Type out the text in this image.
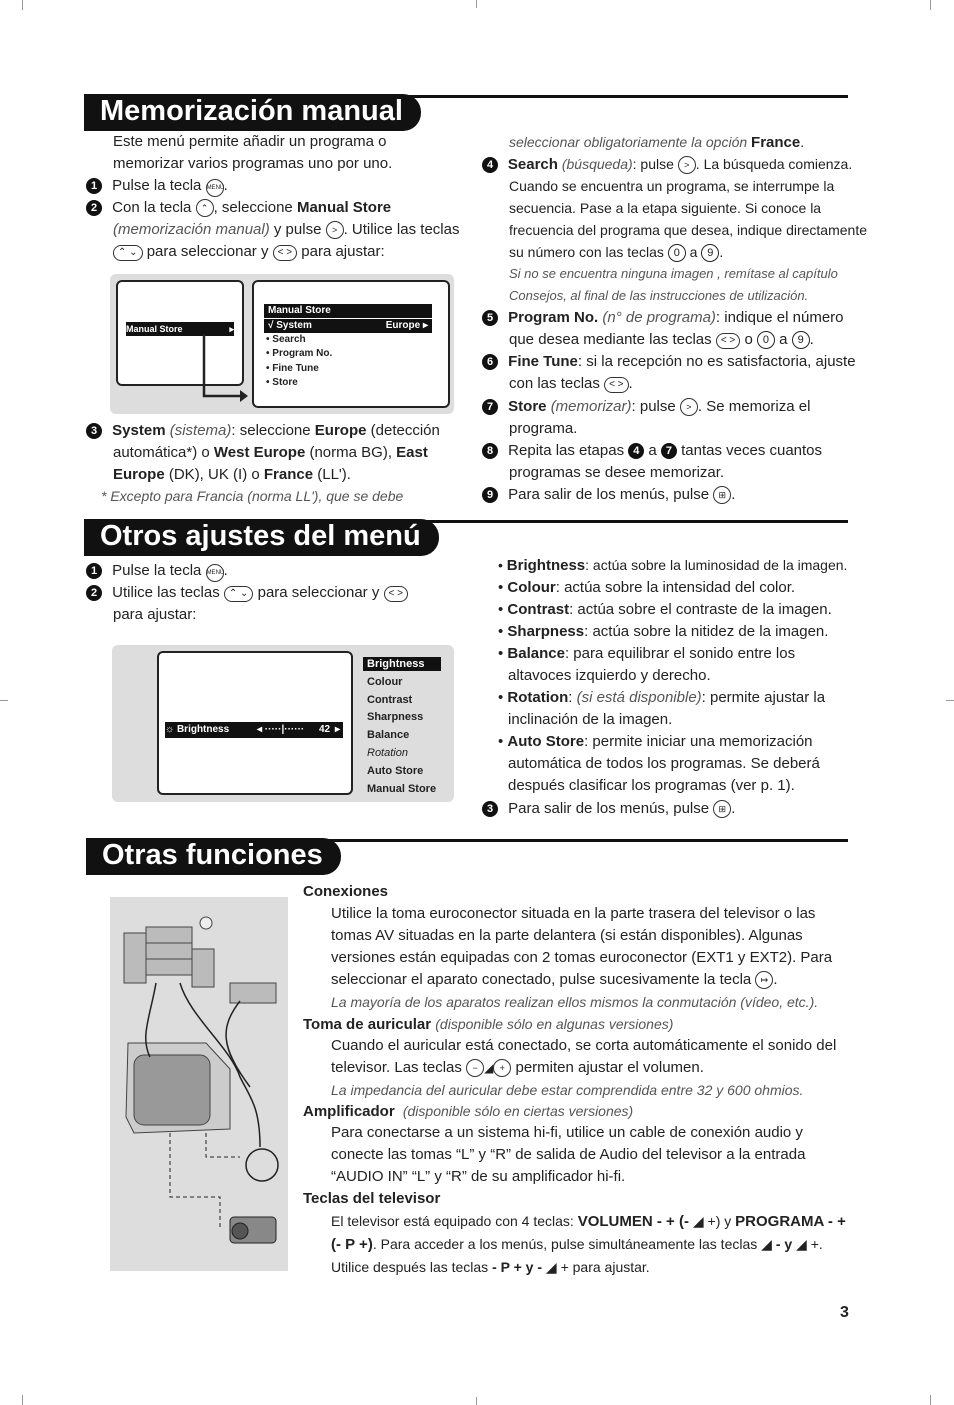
Memorización manual
Este menú permite añadir un programa o
memorizar varios programas uno por uno.
1 Pulse la tecla MENU.
2 Con la tecla ⌃ , seleccione Manual Store
(memorización manual) y pulse > . Utilice las teclas
⌃ ⌄ para seleccionar y < > para ajustar:
Manual Store	▸
Manual Store
√ System	Europe ▸
• Search
• Program No.
• Fine Tune
• Store
3 System (sistema): seleccione Europe (detección
automática*) o West Europe (norma BG), East
Europe (DK), UK (I) o France (LL').
* Excepto para Francia (norma LL'), que se debe
seleccionar obligatoriamente la opción France.
4 Search (búsqueda): pulse > . La búsqueda comienza.
Cuando se encuentra un programa, se interrumpe la
secuencia. Pase a la etapa siguiente. Si conoce la
frecuencia del programa que desea, indique directamente
su número con las teclas 0 a 9 .
Si no se encuentra ninguna imagen , remítase al capítulo
Consejos, al final de las instrucciones de utilización.
5 Program No. (n° de programa): indique el número
que desea mediante las teclas < > o 0 a 9 .
6 Fine Tune: si la recepción no es satisfactoria, ajuste
con las teclas < > .
7 Store (memorizar): pulse > . Se memoriza el
programa.
8 Repita las etapas 4 a 7 tantas veces cuantos
programas se desee memorizar.
9 Para salir de los menús, pulse ⊞ .
Otros ajustes del menú
1 Pulse la tecla MENU.
2 Utilice las teclas ⌃ ⌄ para seleccionar y < >
para ajustar:
☼ Brightness	◂ ·····|······ 42 ▸
Brightness
Colour
Contrast
Sharpness
Balance
Rotation
Auto Store
Manual Store
• Brightness: actúa sobre la luminosidad de la imagen.
• Colour: actúa sobre la intensidad del color.
• Contrast: actúa sobre el contraste de la imagen.
• Sharpness: actúa sobre la nitidez de la imagen.
• Balance: para equilibrar el sonido entre los
altavoces izquierdo y derecho.
• Rotation: (si está disponible): permite ajustar la
inclinación de la imagen.
• Auto Store: permite iniciar una memorización
automática de todos los programas. Se deberá
después clasificar los programas (ver p. 1).
3 Para salir de los menús, pulse ⊞ .
Otras funciones
Conexiones
Utilice la toma euroconector situada en la parte trasera del televisor o las
tomas AV situadas en la parte delantera (si están disponibles). Algunas
versiones están equipadas con 2 tomas euroconector (EXT1 y EXT2). Para
seleccionar el aparato conectado, pulse sucesivamente la tecla ↦ .
La mayoría de los aparatos realizan ellos mismos la conmutación (vídeo, etc.).
Toma de auricular (disponible sólo en algunas versiones)
Cuando el auricular está conectado, se corta automáticamente el sonido del
televisor. Las teclas − ◢ + permiten ajustar el volumen.
La impedancia del auricular debe estar comprendida entre 32 y 600 ohmios.
Amplificador (disponible sólo en ciertas versiones)
Para conectarse a un sistema hi-fi, utilice un cable de conexión audio y
conecte las tomas “L” y “R” de salida de Audio del televisor a la entrada
“AUDIO IN” “L” y “R” de su amplificador hi-fi.
Teclas del televisor
El televisor está equipado con 4 teclas: VOLUMEN - + (- ◢ +) y PROGRAMA - +
(- P +). Para acceder a los menús, pulse simultáneamente las teclas ◢ - y ◢ +.
Utilice después las teclas - P + y - ◢ + para ajustar.
3
